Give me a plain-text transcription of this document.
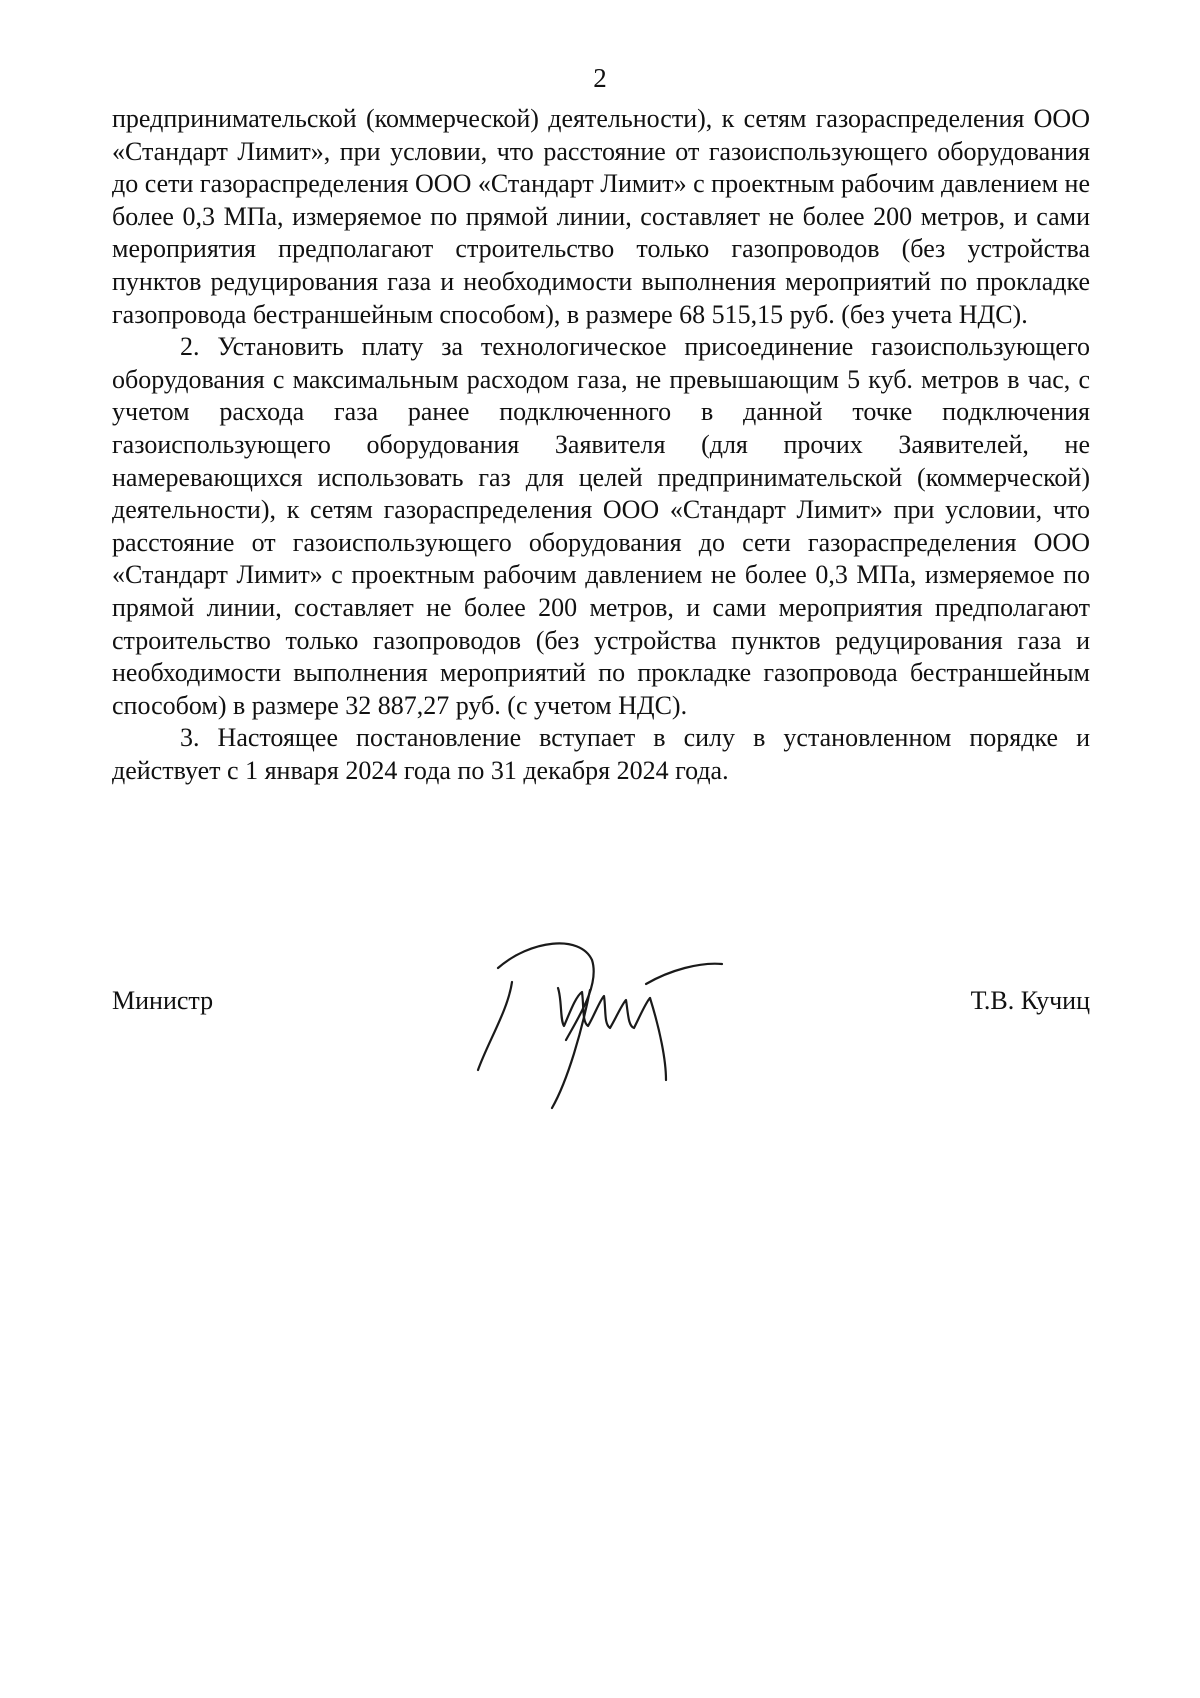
2

предпринимательской (коммерческой) деятельности), к сетям газораспределения ООО «Стандарт Лимит», при условии, что расстояние от газоиспользующего оборудования до сети газораспределения ООО «Стандарт Лимит» с проектным рабочим давлением не более 0,3 МПа, измеряемое по прямой линии, составляет не более 200 метров, и сами мероприятия предполагают строительство только газопроводов (без устройства пунктов редуцирования газа и необходимости выполнения мероприятий по прокладке газопровода бестраншейным способом), в размере 68 515,15 руб. (без учета НДС).

2. Установить плату за технологическое присоединение газоиспользующего оборудования с максимальным расходом газа, не превышающим 5 куб. метров в час, с учетом расхода газа ранее подключенного в данной точке подключения газоиспользующего оборудования Заявителя (для прочих Заявителей, не намеревающихся использовать газ для целей предпринимательской (коммерческой) деятельности), к сетям газораспределения ООО «Стандарт Лимит» при условии, что расстояние от газоиспользующего оборудования до сети газораспределения ООО «Стандарт Лимит» с проектным рабочим давлением не более 0,3 МПа, измеряемое по прямой линии, составляет не более 200 метров, и сами мероприятия предполагают строительство только газопроводов (без устройства пунктов редуцирования газа и необходимости выполнения мероприятий по прокладке газопровода бестраншейным способом) в размере 32 887,27 руб. (с учетом НДС).

3. Настоящее постановление вступает в силу в установленном порядке и действует с 1 января 2024 года по 31 декабря 2024 года.

Министр	Т.В. Кучиц
